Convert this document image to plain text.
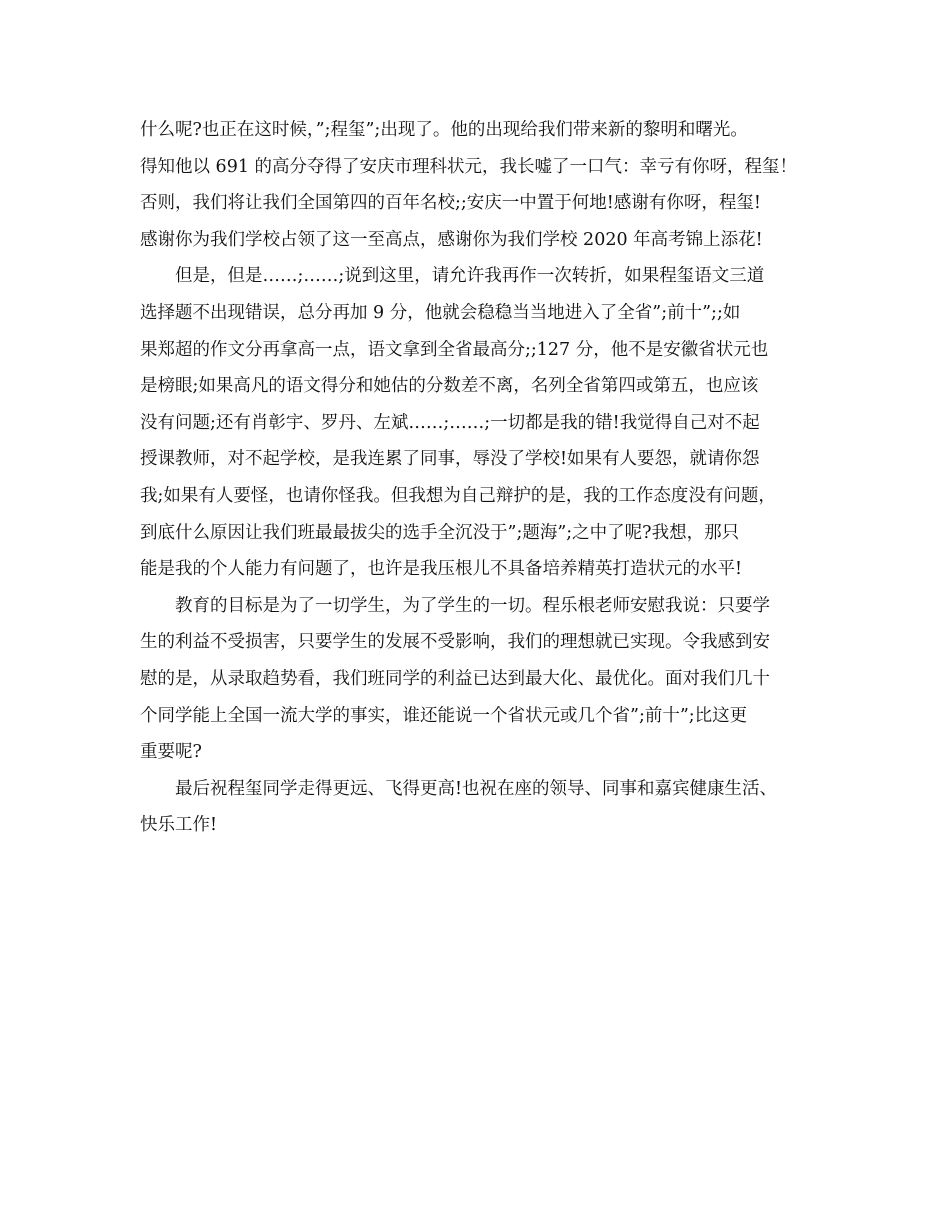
什么呢?也正在这时候，”;程玺”;出现了。他的出现给我们带来新的黎明和曙光。
得知他以 691 的高分夺得了安庆市理科状元，我长嘘了一口气：幸亏有你呀，程玺！
否则，我们将让我们全国第四的百年名校;;安庆一中置于何地!感谢有你呀，程玺!
感谢你为我们学校占领了这一至高点，感谢你为我们学校 2020 年高考锦上添花!

但是，但是……;……;说到这里，请允许我再作一次转折，如果程玺语文三道
选择题不出现错误，总分再加 9 分，他就会稳稳当当地进入了全省”;前十”;;如
果郑超的作文分再拿高一点，语文拿到全省最高分;;127 分，他不是安徽省状元也
是榜眼;如果高凡的语文得分和她估的分数差不离，名列全省第四或第五，也应该
没有问题;还有肖彰宇、罗丹、左斌……;……;一切都是我的错!我觉得自己对不起
授课教师，对不起学校，是我连累了同事，辱没了学校!如果有人要怨，就请你怨
我;如果有人要怪，也请你怪我。但我想为自己辩护的是，我的工作态度没有问题，
到底什么原因让我们班最最拔尖的选手全沉没于”;题海”;之中了呢?我想，那只
能是我的个人能力有问题了，也许是我压根儿不具备培养精英打造状元的水平!

教育的目标是为了一切学生，为了学生的一切。程乐根老师安慰我说：只要学
生的利益不受损害，只要学生的发展不受影响，我们的理想就已实现。令我感到安
慰的是，从录取趋势看，我们班同学的利益已达到最大化、最优化。面对我们几十
个同学能上全国一流大学的事实，谁还能说一个省状元或几个省”;前十”;比这更
重要呢?

最后祝程玺同学走得更远、飞得更高!也祝在座的领导、同事和嘉宾健康生活、
快乐工作!
